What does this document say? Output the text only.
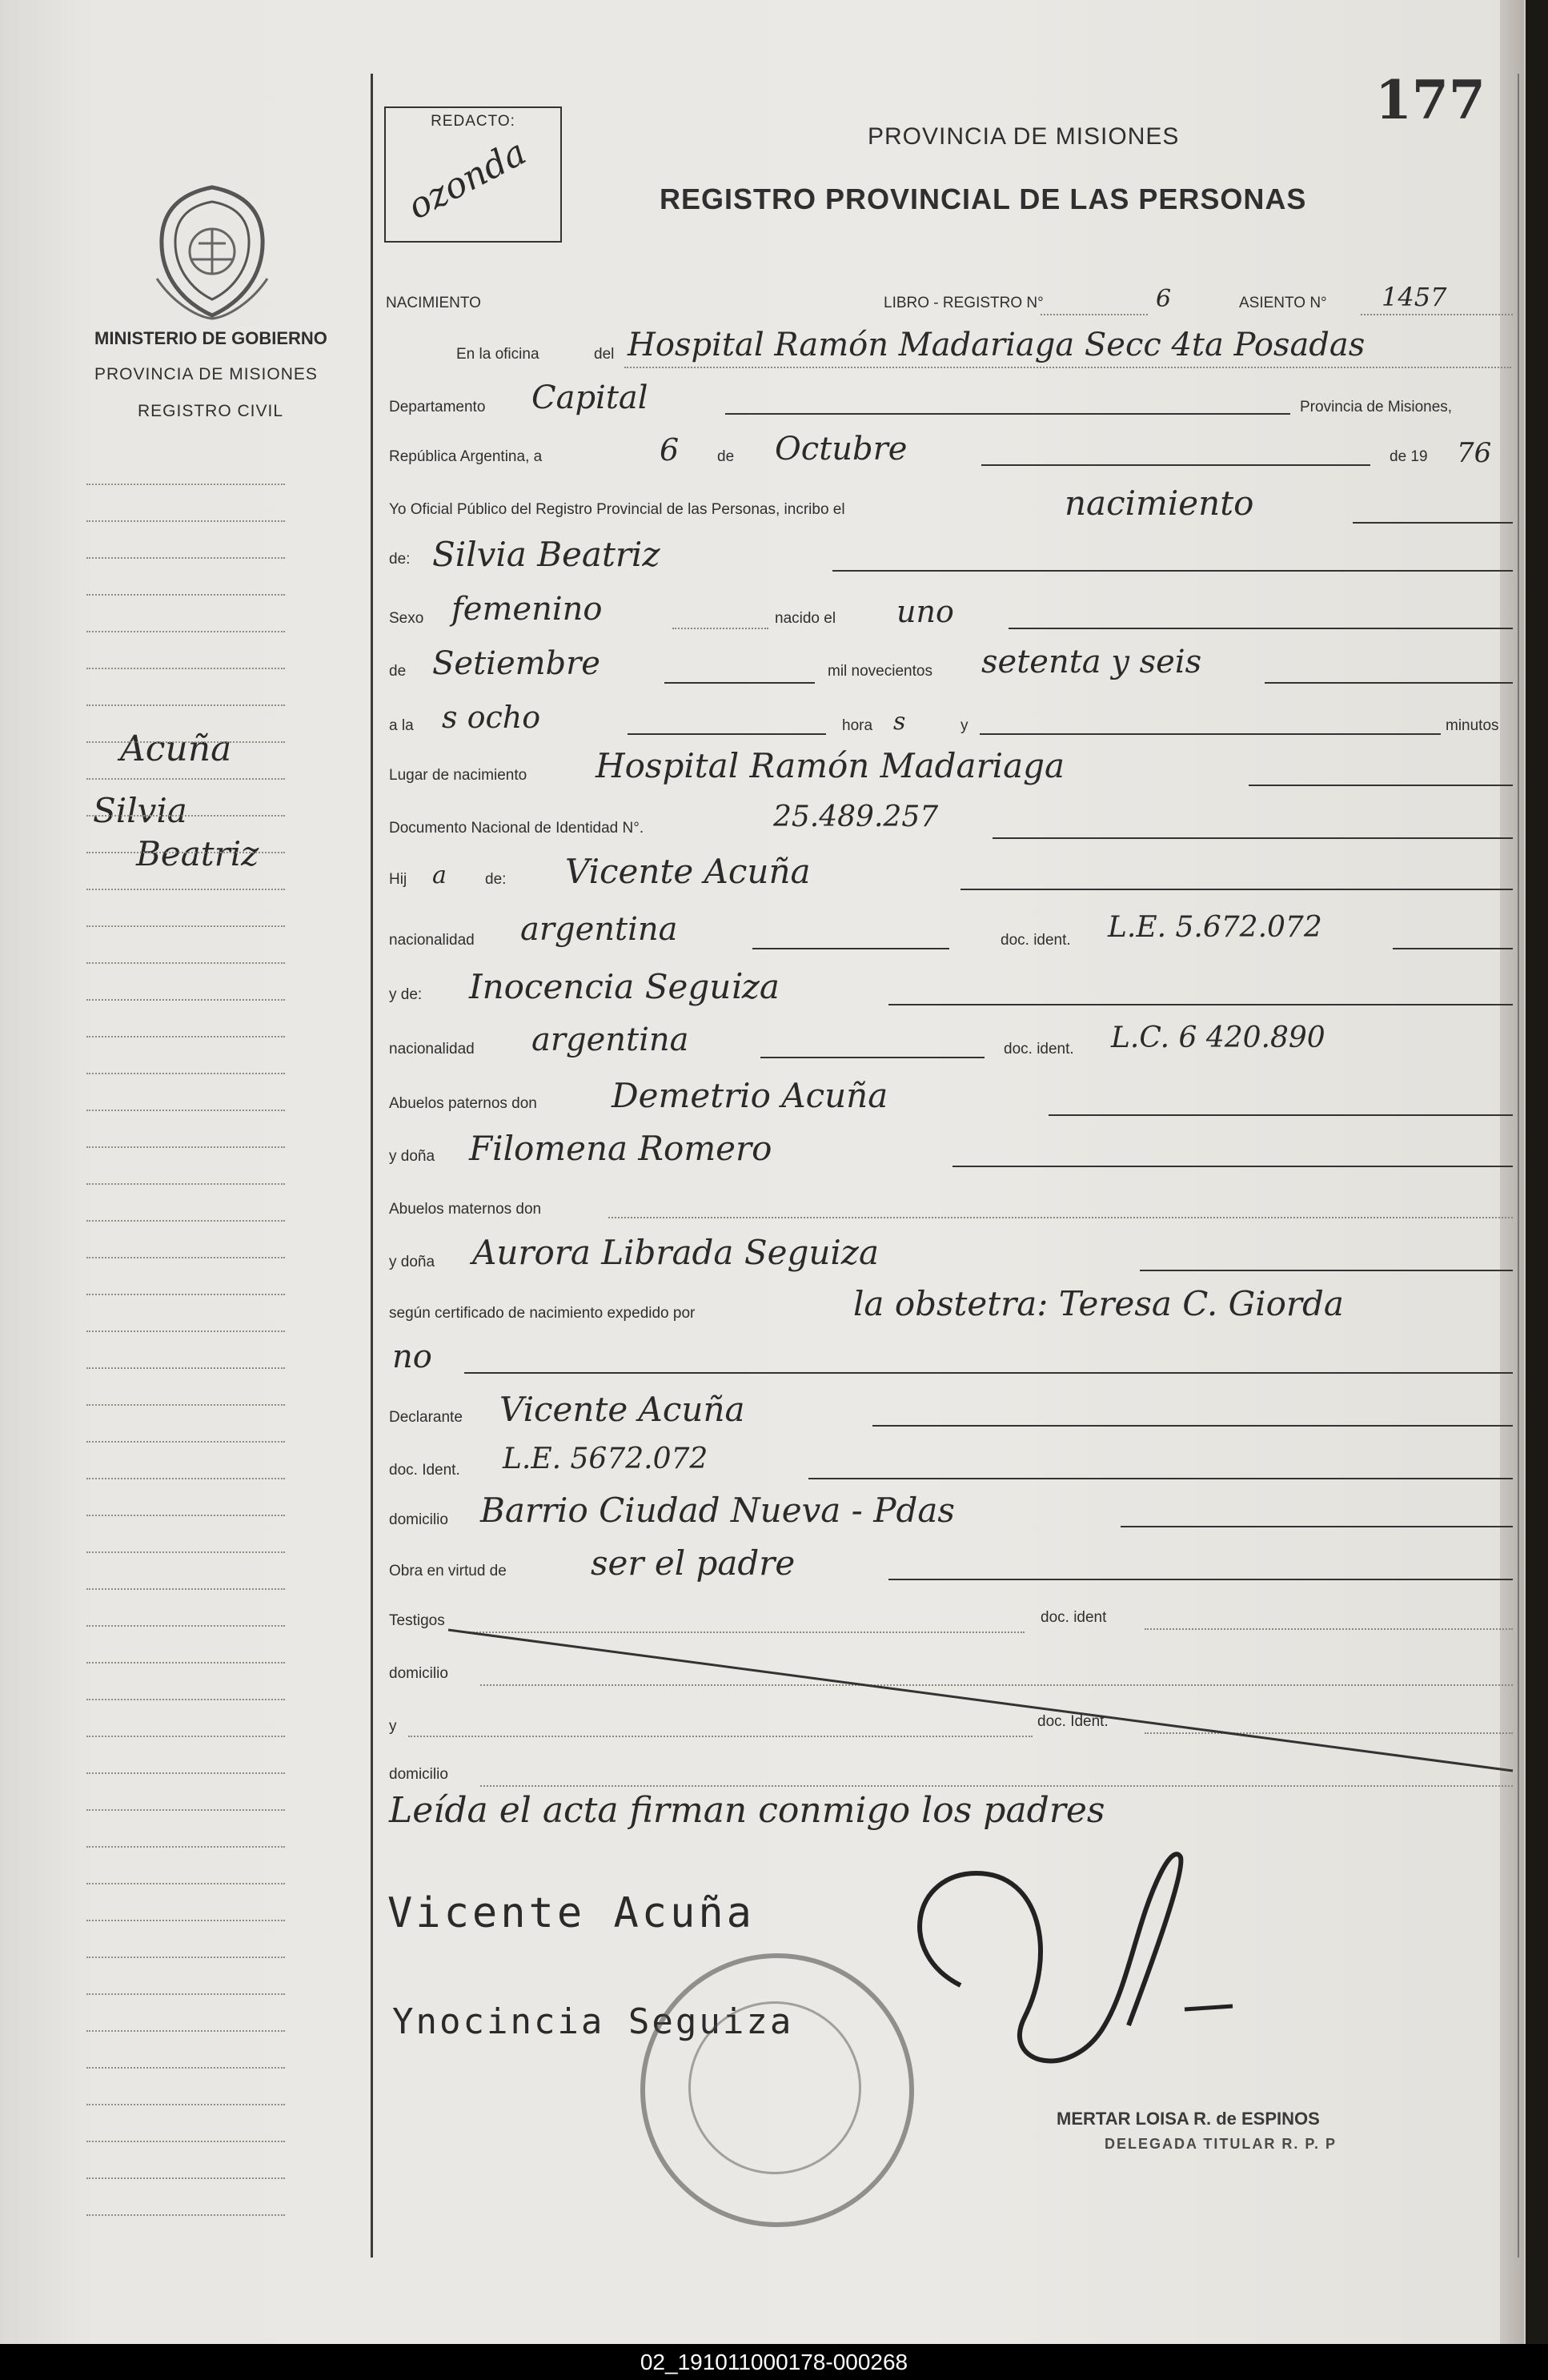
177
REDACTO:
ozonda	PROVINCIA DE MISIONES
REGISTRO PROVINCIAL DE LAS PERSONAS
MINISTERIO DE GOBIERNO
PROVINCIA DE MISIONES
REGISTRO CIVIL
Acuña
Silvia
Beatriz
NACIMIENTO	LIBRO - REGISTRO N°	6	ASIENTO N° 1457
En la oficina	del Hospital Ramón Madariaga Secc 4ta Posadas
Departamento Capital	Provincia de Misiones,
República Argentina, a	6	de Octubre	de 19 76
Yo Oficial Público del Registro Provincial de las Personas, incribo el	nacimiento
de: Silvia Beatriz
Sexo femenino	nacido el uno
de Setiembre	mil novecientos setenta y seis
a la s ocho	hora s	y	minutos
Lugar de nacimiento Hospital Ramón Madariaga
Documento Nacional de Identidad N°.	25.489.257
Hij a	de: Vicente Acuña
nacionalidad argentina	doc. ident. L.E. 5.672.072
y de: Inocencia Segui̇za
nacionalidad argentina	doc. ident. L.C. 6 420.890
Abuelos paternos don Demetrio Acuña
y doña Filomena Romero
Abuelos maternos don
y doña Aurora Librada Seguiza
según certificado de nacimiento expedido por	la obstetra: Teresa C. Giorda
no
Declarante Vicente Acuña
doc. Ident. L.E. 5672.072
domicilio Barrio Ciudad Nueva - Pdas
Obra en virtud de	ser el padre
Testigos	doc. ident
domicilio
y	doc. Ident.
domicilio
Leída el acta firman conmigo los padres
Vicente Acuña
Ynocincia Seguiza
MERTAR LOISA R. de ESPINOS
DELEGADA TITULAR R. P. P
02_191011000178-000268
